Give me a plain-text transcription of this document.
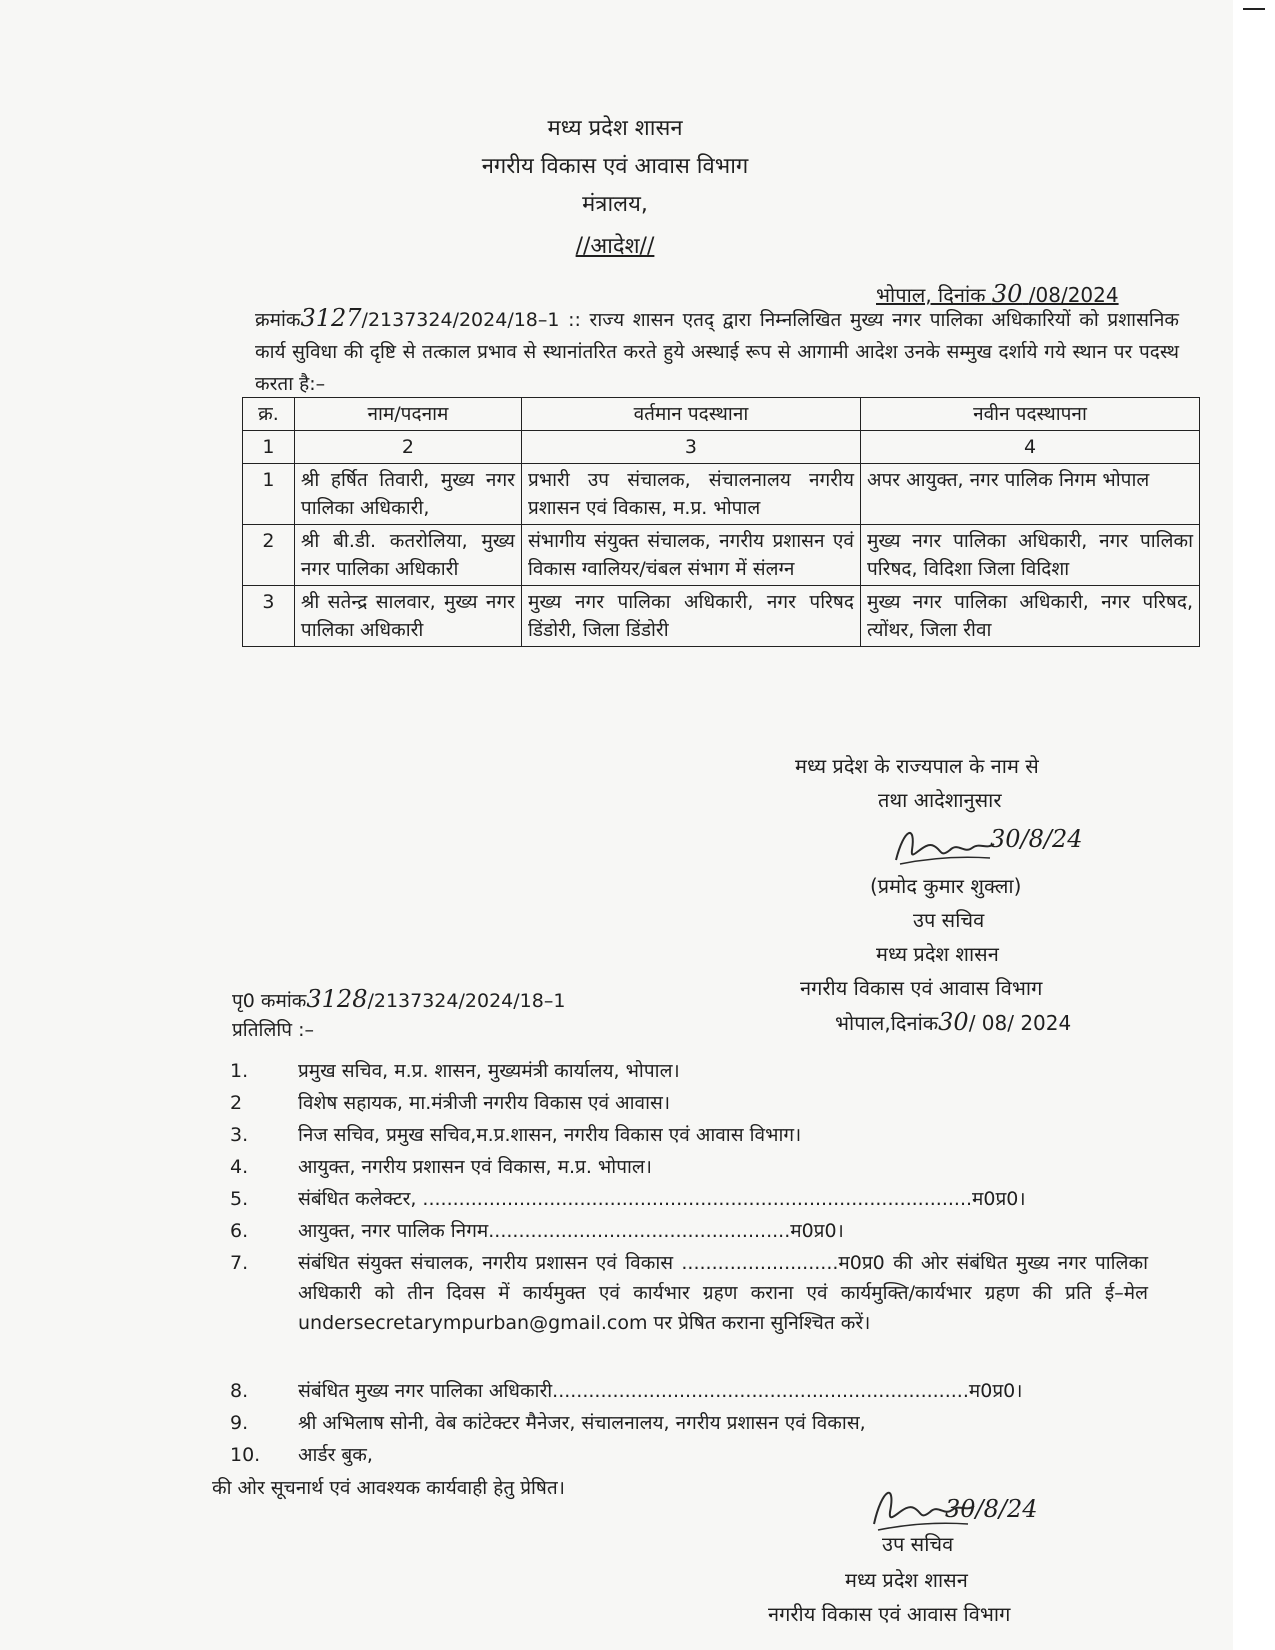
मध्य प्रदेश शासन
नगरीय विकास एवं आवास विभाग
मंत्रालय,
//आदेश//
भोपाल, दिनांक 30 /08/2024
क्रमांक3127/2137324/2024/18–1 :: राज्य शासन एतद् द्वारा निम्नलिखित मुख्य नगर पालिका अधिकारियों को प्रशासनिक कार्य सुविधा की दृष्टि से तत्काल प्रभाव से स्थानांतरित करते हुये अस्थाई रूप से आगामी आदेश उनके सम्मुख दर्शाये गये स्थान पर पदस्थ करता है:–
क्र.	नाम/पदनाम	वर्तमान पदस्थाना	नवीन पदस्थापना
1	2	3	4
1	श्री हर्षित तिवारी, मुख्य नगर पालिका अधिकारी,	प्रभारी उप संचालक, संचालनालय नगरीय प्रशासन एवं विकास, म.प्र. भोपाल	अपर आयुक्त, नगर पालिक निगम भोपाल
2	श्री बी.डी. कतरोलिया, मुख्य नगर पालिका अधिकारी	संभागीय संयुक्त संचालक, नगरीय प्रशासन एवं विकास ग्वालियर/चंबल संभाग में संलग्न	मुख्य नगर पालिका अधिकारी, नगर पालिका परिषद, विदिशा जिला विदिशा
3	श्री सतेन्द्र सालवार, मुख्य नगर पालिका अधिकारी	मुख्य नगर पालिका अधिकारी, नगर परिषद डिंडोरी, जिला डिंडोरी	मुख्य नगर पालिका अधिकारी, नगर परिषद, त्योंथर, जिला रीवा
मध्य प्रदेश के राज्यपाल के नाम से
तथा आदेशानुसार
30/8/24
(प्रमोद कुमार शुक्ला)
उप सचिव
मध्य प्रदेश शासन
नगरीय विकास एवं आवास विभाग
भोपाल,दिनांक30/ 08/ 2024
पृ0 कमांक3128/2137324/2024/18–1
प्रतिलिपि :–
1.	प्रमुख सचिव, म.प्र. शासन, मुख्यमंत्री कार्यालय, भोपाल।
2	विशेष सहायक, मा.मंत्रीजी नगरीय विकास एवं आवास।
3.	निज सचिव, प्रमुख सचिव,म.प्र.शासन, नगरीय विकास एवं आवास विभाग।
4.	आयुक्त, नगरीय प्रशासन एवं विकास, म.प्र. भोपाल।
5.	संबंधित कलेक्टर, ...........................................................................................म0प्र0।
6.	आयुक्त, नगर पालिक निगम..................................................म0प्र0।
7.	संबंधित संयुक्त संचालक, नगरीय प्रशासन एवं विकास ..........................म0प्र0 की ओर संबंधित मुख्य नगर पालिका अधिकारी को तीन दिवस में कार्यमुक्त एवं कार्यभार ग्रहण कराना एवं कार्यमुक्ति/कार्यभार ग्रहण की प्रति ई–मेल undersecretarympurban@gmail.com पर प्रेषित कराना सुनिश्चित करें।
8.	संबंधित मुख्य नगर पालिका अधिकारी.....................................................................म0प्र0।
9.	श्री अभिलाष सोनी, वेब कांटेक्टर मैनेजर, संचालनालय, नगरीय प्रशासन एवं विकास,
10.	आर्डर बुक,
की ओर सूचनार्थ एवं आवश्यक कार्यवाही हेतु प्रेषित।
30/8/24
उप सचिव
मध्य प्रदेश शासन
नगरीय विकास एवं आवास विभाग
